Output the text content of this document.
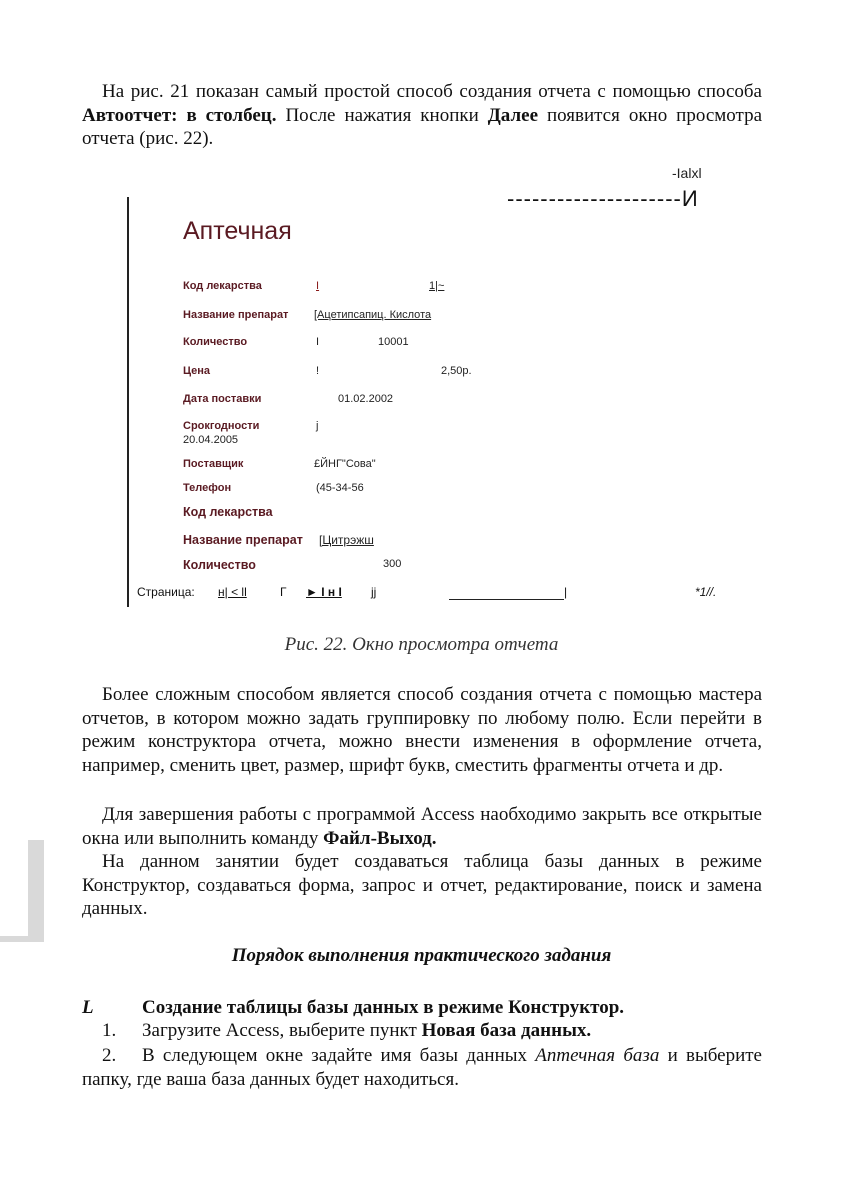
На рис. 21 показан самый простой способ создания отчета с помощью способа Автоотчет: в столбец. После нажатия кнопки Далее появится окно просмотра отчета (рис. 22).

-Ialxl
---------------------И
Аптечная
Код лекарства	I	1|~
Название препарат [Ацетипсапиц. Кислота
Количество	I	10001
Цена	!	2,50р.
Дата поставки	01.02.2002
Срокгодности	j
20.04.2005
Поставщик	£ЙНГ"Сова"
Телефон	(45-34-56
Код лекарства
Название препарат [Цитрэжш
Количество	300
Страница: н| < ll	Г ► I н I jj	|	*1//.
Рис. 22. Окно просмотра отчета

Более сложным способом является способ создания отчета с помощью мастера отчетов, в котором можно задать группировку по любому полю. Если перейти в режим конструктора отчета, можно внести изменения в оформление отчета, например, сменить цвет, размер, шрифт букв, сместить фрагменты отчета и др.

Для завершения работы с программой Access наобходимо закрыть все открытые окна или выполнить команду Файл-Выход.

На данном занятии будет создаваться таблица базы данных в режиме Конструктор, создаваться форма, запрос и отчет, редактирование, поиск и замена данных.

Порядок выполнения практического задания
L	Создание таблицы базы данных в режиме Конструктор.
1.	Загрузите Access, выберите пункт Новая база данных.
2.	В следующем окне задайте имя базы данных Аптечная база и выберите папку, где ваша база данных будет находиться.
